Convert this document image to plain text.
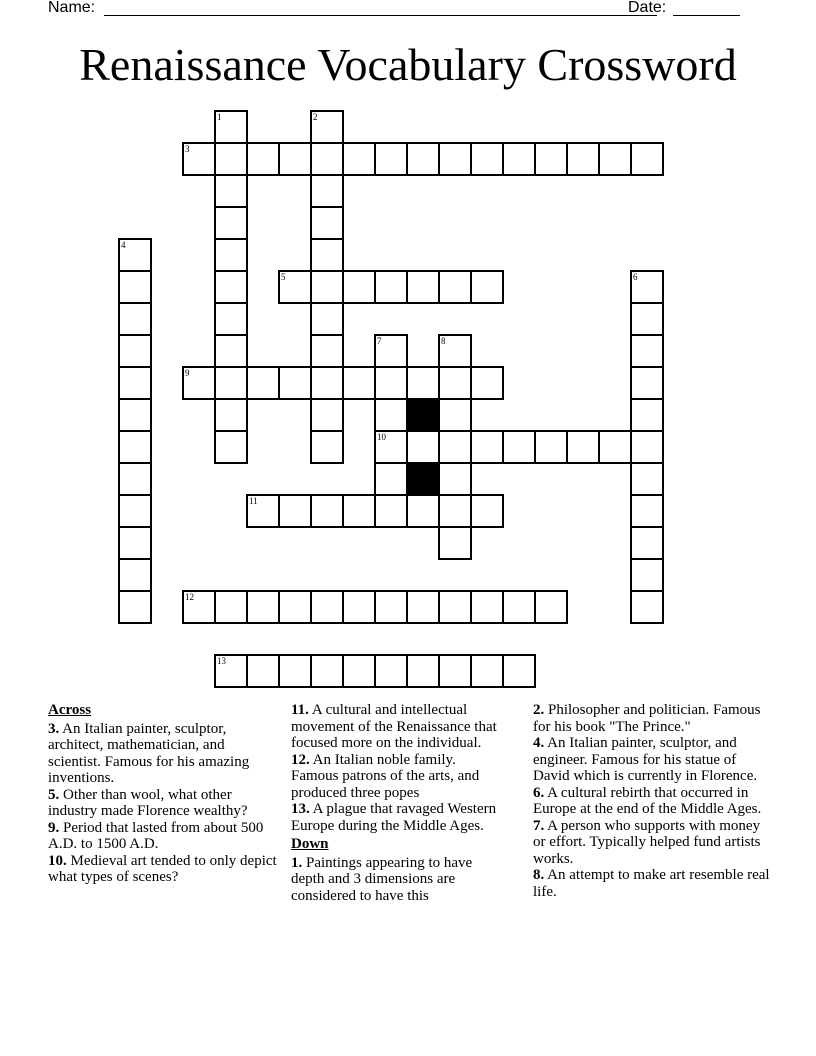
Name:	Date:
Renaissance Vocabulary Crossword
3
5
9
10
11
12
13
1	2
4
6
7	8
Across
3. An Italian painter, sculptor, architect, mathematician, and scientist. Famous for his amazing inventions.
5. Other than wool, what other industry made Florence wealthy?
9. Period that lasted from about 500 A.D. to 1500 A.D.
10. Medieval art tended to only depict what types of scenes?
11. A cultural and intellectual movement of the Renaissance that focused more on the individual.
12. An Italian noble family. Famous patrons of the arts, and produced three popes
13. A plague that ravaged Western Europe during the Middle Ages.
Down
1. Paintings appearing to have depth and 3 dimensions are considered to have this
2. Philosopher and politician. Famous for his book "The Prince."
4. An Italian painter, sculptor, and engineer. Famous for his statue of David which is currently in Florence.
6. A cultural rebirth that occurred in Europe at the end of the Middle Ages.
7. A person who supports with money or effort. Typically helped fund artists works.
8. An attempt to make art resemble real life.
